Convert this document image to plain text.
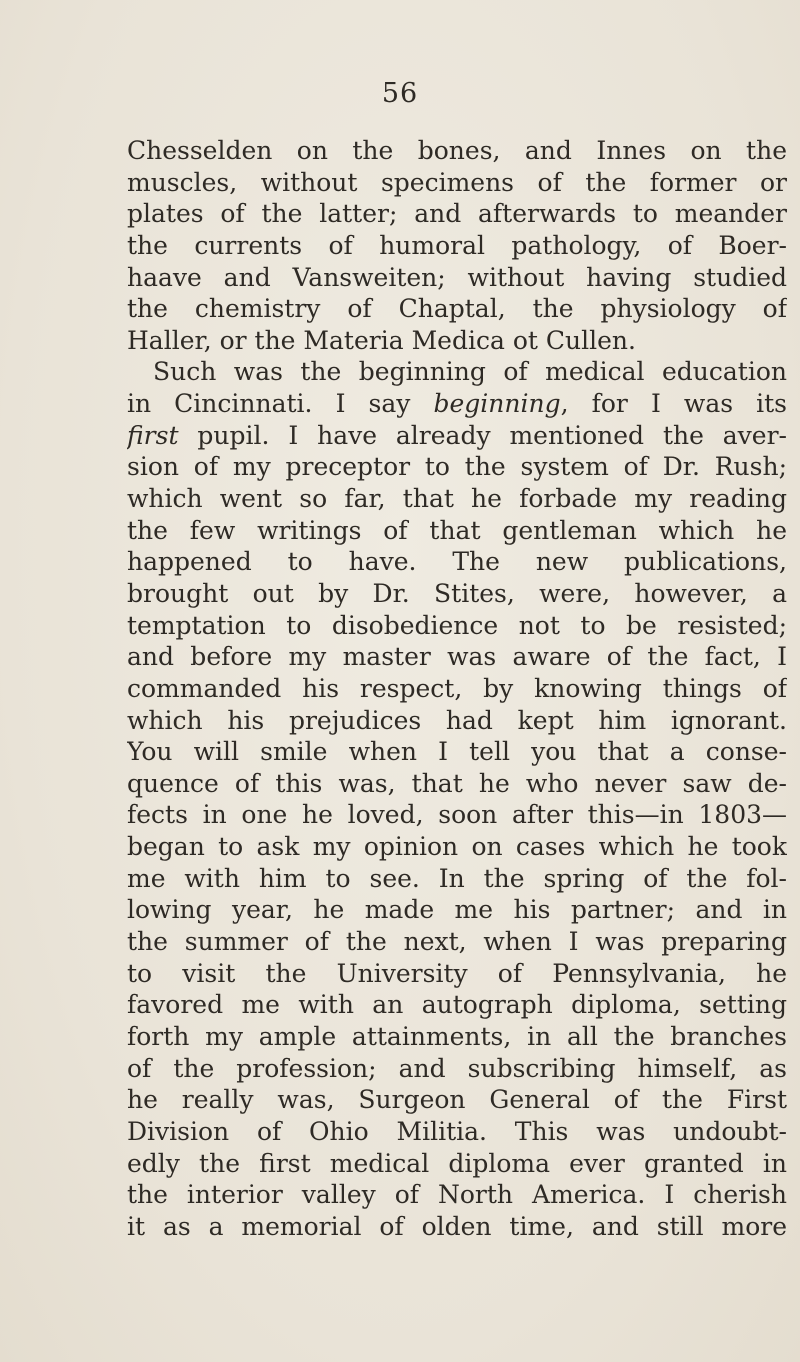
56
Chesselden on the bones, and Innes on the
muscles, without specimens of the former or
plates of the latter; and afterwards to meander
the currents of humoral pathology, of Boer-
haave and Vansweiten; without having studied
the chemistry of Chaptal, the physiology of
Haller, or the Materia Medica ot Cullen.
Such was the beginning of medical education
in Cincinnati. I say beginning, for I was its
first pupil. I have already mentioned the aver-
sion of my preceptor to the system of Dr. Rush;
which went so far, that he forbade my reading
the few writings of that gentleman which he
happened to have. The new publications,
brought out by Dr. Stites, were, however, a
temptation to disobedience not to be resisted;
and before my master was aware of the fact, I
commanded his respect, by knowing things of
which his prejudices had kept him ignorant.
You will smile when I tell you that a conse-
quence of this was, that he who never saw de-
fects in one he loved, soon after this—in 1803—
began to ask my opinion on cases which he took
me with him to see. In the spring of the fol-
lowing year, he made me his partner; and in
the summer of the next, when I was preparing
to visit the University of Pennsylvania, he
favored me with an autograph diploma, setting
forth my ample attainments, in all the branches
of the profession; and subscribing himself, as
he really was, Surgeon General of the First
Division of Ohio Militia. This was undoubt-
edly the first medical diploma ever granted in
the interior valley of North America. I cherish
it as a memorial of olden time, and still more
